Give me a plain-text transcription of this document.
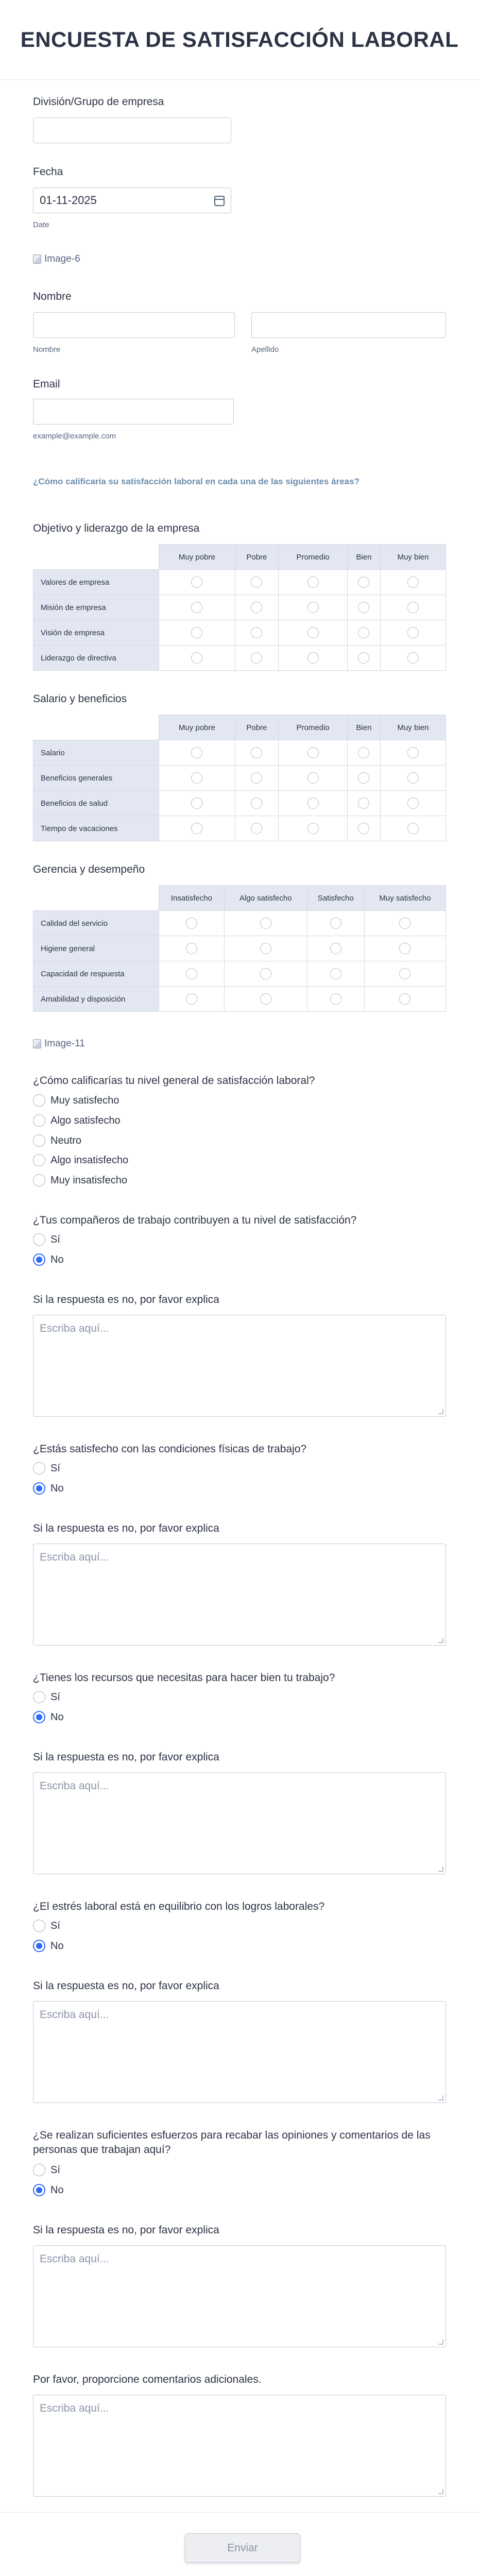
ENCUESTA DE SATISFACCIÓN LABORAL
División/Grupo de empresa
Fecha
01-11-2025
Date
Image-6
Nombre
Nombre	Apellido
Email
example@example.com
¿Cómo calificaría su satisfacción laboral en cada una de las siguientes áreas?
Objetivo y liderazgo de la empresa
	Muy pobre	Pobre	Promedio	Bien	Muy bien
Valores de empresa					
Misión de empresa					
Visión de empresa					
Liderazgo de directiva					
Salario y beneficios
	Muy pobre	Pobre	Promedio	Bien	Muy bien
Salario					
Beneficios generales					
Beneficios de salud					
Tiempo de vacaciones					
Gerencia y desempeño
	Insatisfecho	Algo satisfecho	Satisfecho	Muy satisfecho
Calidad del servicio				
Higiene general				
Capacidad de respuesta				
Amabilidad y disposición				
Image-11
¿Cómo calificarías tu nivel general de satisfacción laboral?
Muy satisfecho
Algo satisfecho
Neutro
Algo insatisfecho
Muy insatisfecho
¿Tus compañeros de trabajo contribuyen a tu nivel de satisfacción?
Sí
No
Si la respuesta es no, por favor explica
Escriba aquí...
¿Estás satisfecho con las condiciones físicas de trabajo?
Sí
No
Si la respuesta es no, por favor explica
Escriba aquí...
¿Tienes los recursos que necesitas para hacer bien tu trabajo?
Sí
No
Si la respuesta es no, por favor explica
Escriba aquí...
¿El estrés laboral está en equilibrio con los logros laborales?
Sí
No
Si la respuesta es no, por favor explica
Escriba aquí...
¿Se realizan suficientes esfuerzos para recabar las opiniones y comentarios de las personas que trabajan aquí?
Sí
No
Si la respuesta es no, por favor explica
Escriba aquí...
Por favor, proporcione comentarios adicionales.
Escriba aquí...
Enviar
